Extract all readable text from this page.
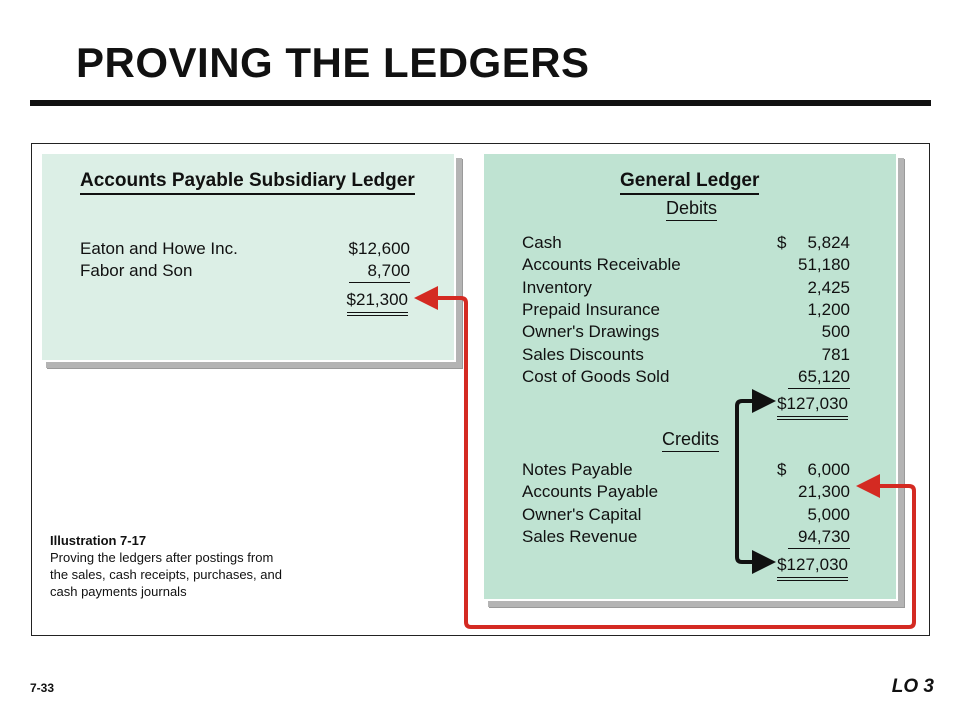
PROVING THE LEDGERS
Accounts Payable Subsidiary Ledger
Eaton and Howe Inc.	$12,600
Fabor and Son	8,700
$21,300
General Ledger
Debits
$
Cash	5,824
Accounts Receivable	51,180
Inventory	2,425
Prepaid Insurance	1,200
Owner's Drawings	500
Sales Discounts	781
Cost of Goods Sold	65,120
$127,030
Credits
$
Notes Payable	6,000
Accounts Payable	21,300
Owner's Capital	5,000
Sales Revenue	94,730
$127,030
Illustration 7-17
Proving the ledgers after postings from the sales, cash receipts, purchases, and cash payments journals
7-33	LO 3
